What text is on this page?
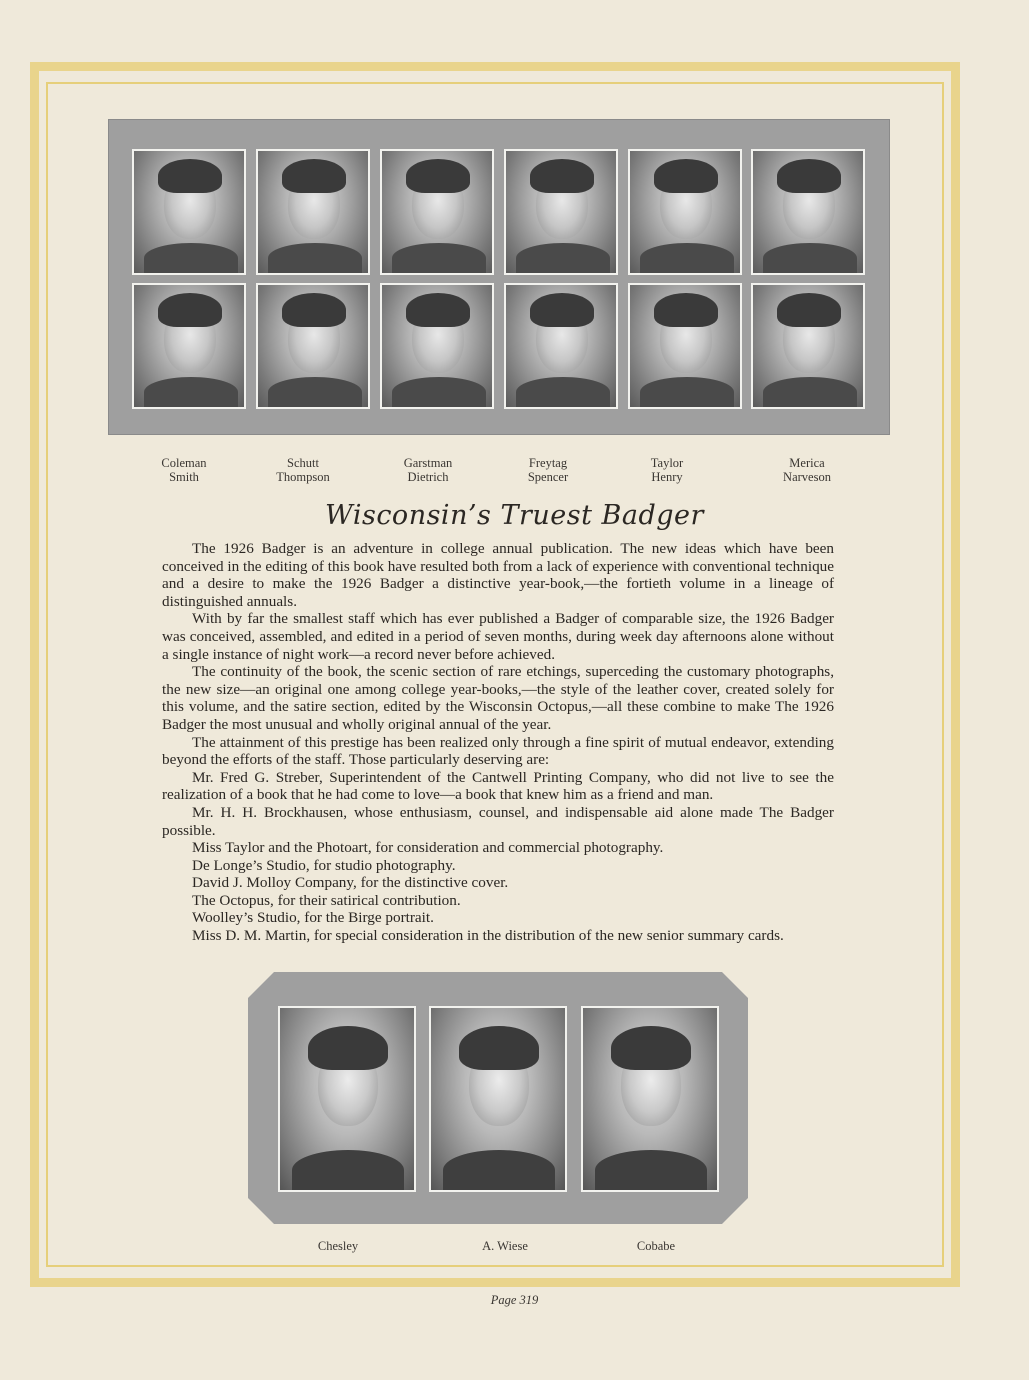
Coleman
Smith
Schutt
Thompson
Garstman
Dietrich
Freytag
Spencer
Taylor
Henry
Merica
Narveson
Wisconsin’s Truest Badger

The 1926 Badger is an adventure in college annual publication. The new ideas which have been conceived in the editing of this book have resulted both from a lack of experience with conventional technique and a desire to make the 1926 Badger a distinctive year-book,—the fortieth volume in a lineage of distinguished annuals.

With by far the smallest staff which has ever published a Badger of comparable size, the 1926 Badger was conceived, assembled, and edited in a period of seven months, during week day afternoons alone without a single instance of night work—a record never before achieved.

The continuity of the book, the scenic section of rare etchings, superceding the customary photographs, the new size—an original one among college year-books,—the style of the leather cover, created solely for this volume, and the satire section, edited by the Wisconsin Octopus,—all these combine to make The 1926 Badger the most unusual and wholly original annual of the year.

The attainment of this prestige has been realized only through a fine spirit of mutual endeavor, extending beyond the efforts of the staff. Those particularly deserving are:

Mr. Fred G. Streber, Superintendent of the Cantwell Printing Company, who did not live to see the realization of a book that he had come to love—a book that knew him as a friend and man.

Mr. H. H. Brockhausen, whose enthusiasm, counsel, and indispensable aid alone made The Badger possible.

Miss Taylor and the Photoart, for consideration and commercial photography.

De Longe’s Studio, for studio photography.

David J. Molloy Company, for the distinctive cover.

The Octopus, for their satirical contribution.

Woolley’s Studio, for the Birge portrait.

Miss D. M. Martin, for special consideration in the distribution of the new senior summary cards.

Chesley	A. Wiese	Cobabe
Page 319
